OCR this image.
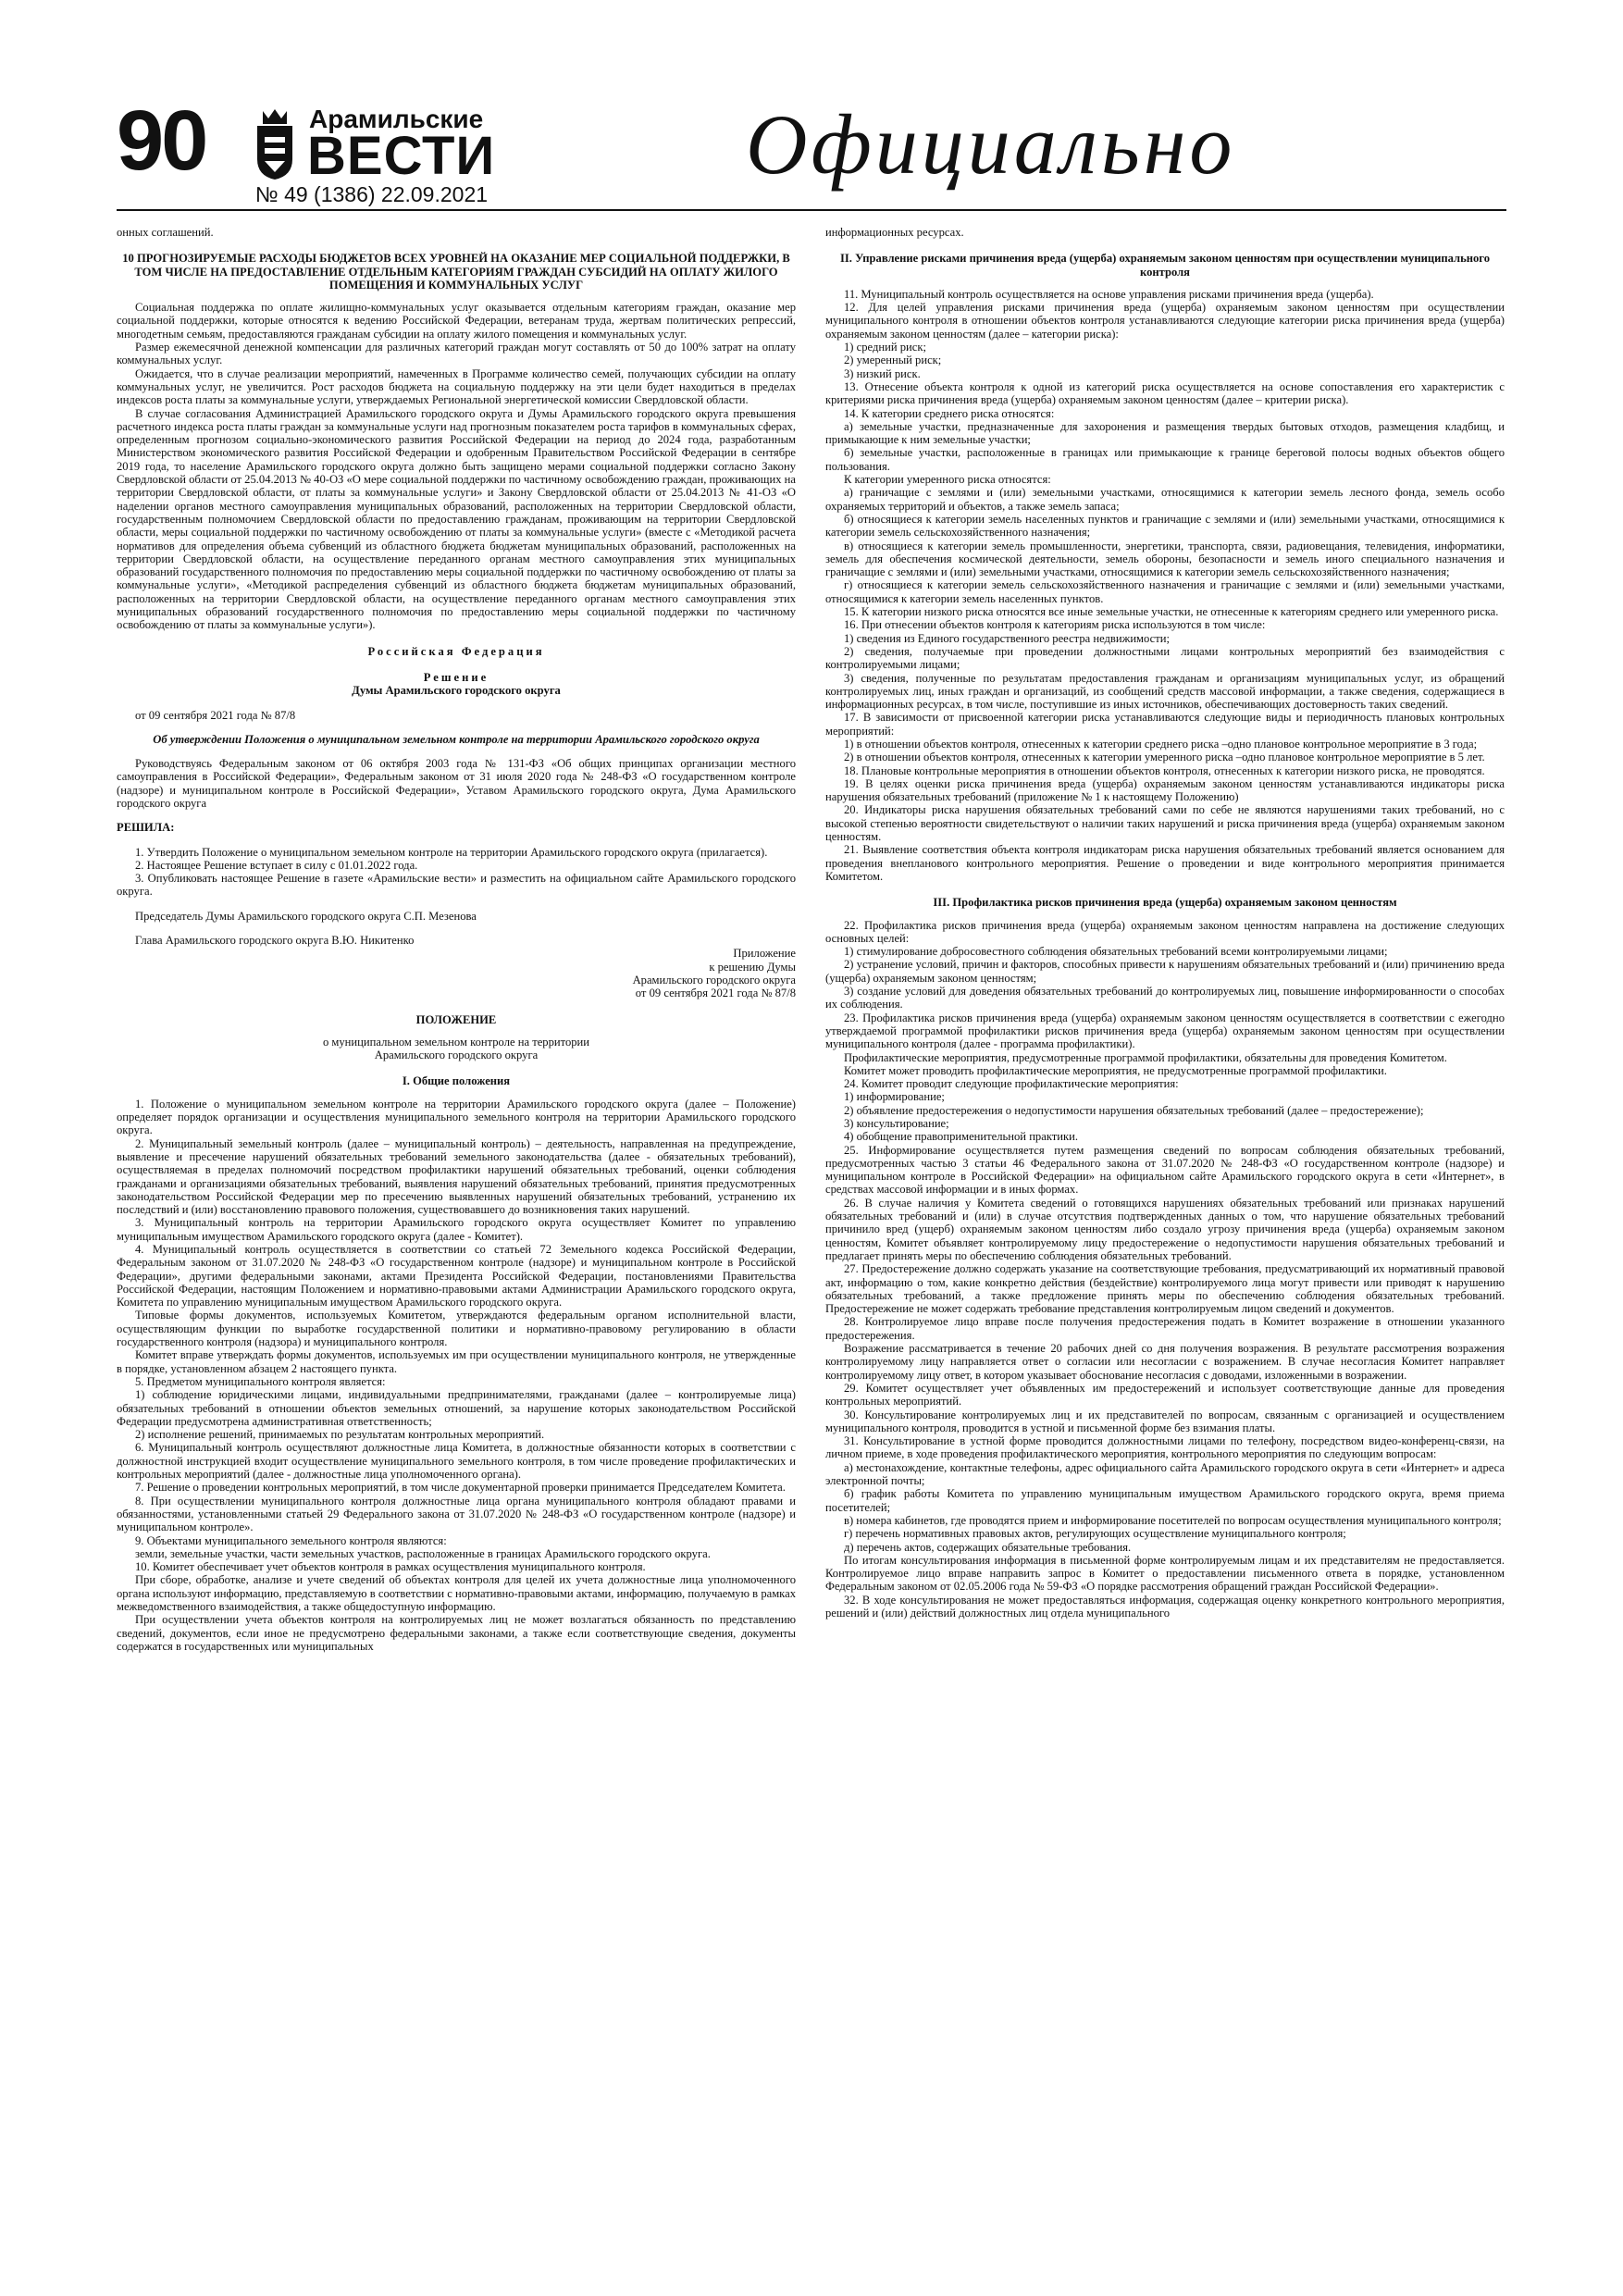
90	Арамильские
ВЕСТИ
№ 49 (1386) 22.09.2021
Официально

онных соглашений.

10 ПРОГНОЗИРУЕМЫЕ РАСХОДЫ БЮДЖЕТОВ ВСЕХ УРОВНЕЙ НА ОКАЗАНИЕ МЕР СОЦИАЛЬНОЙ ПОДДЕРЖКИ, В ТОМ ЧИСЛЕ НА ПРЕДОСТАВЛЕНИЕ ОТДЕЛЬНЫМ КАТЕГОРИЯМ ГРАЖДАН СУБСИДИЙ НА ОПЛАТУ ЖИЛОГО ПОМЕЩЕНИЯ И КОММУНАЛЬНЫХ УСЛУГ

Социальная поддержка по оплате жилищно-коммунальных услуг оказывается отдельным категориям граждан, оказание мер социальной поддержки, которые относятся к ведению Российской Федерации, ветеранам труда, жертвам политических репрессий, многодетным семьям, предоставляются гражданам субсидии на оплату жилого помещения и коммунальных услуг.

Размер ежемесячной денежной компенсации для различных категорий граждан могут составлять от 50 до 100% затрат на оплату коммунальных услуг.

Ожидается, что в случае реализации мероприятий, намеченных в Программе количество семей, получающих субсидии на оплату коммунальных услуг, не увеличится. Рост расходов бюджета на социальную поддержку на эти цели будет находиться в пределах индексов роста платы за коммунальные услуги, утверждаемых Региональной энергетической комиссии Свердловской области.

В случае согласования Администрацией Арамильского городского округа и Думы Арамильского городского округа превышения расчетного индекса роста платы граждан за коммунальные услуги над прогнозным показателем роста тарифов в коммунальных сферах, определенным прогнозом социально-экономического развития Российской Федерации на период до 2024 года, разработанным Министерством экономического развития Российской Федерации и одобренным Правительством Российской Федерации в сентябре 2019 года, то население Арамильского городского округа должно быть защищено мерами социальной поддержки согласно Закону Свердловской области от 25.04.2013 № 40-ОЗ «О мере социальной поддержки по частичному освобождению граждан, проживающих на территории Свердловской области, от платы за коммунальные услуги» и Закону Свердловской области от 25.04.2013 № 41-ОЗ «О наделении органов местного самоуправления муниципальных образований, расположенных на территории Свердловской области, государственным полномочием Свердловской области по предоставлению гражданам, проживающим на территории Свердловской области, меры социальной поддержки по частичному освобождению от платы за коммунальные услуги» (вместе с «Методикой расчета нормативов для определения объема субвенций из областного бюджета бюджетам муниципальных образований, расположенных на территории Свердловской области, на осуществление переданного органам местного самоуправления этих муниципальных образований государственного полномочия по предоставлению меры социальной поддержки по частичному освобождению от платы за коммунальные услуги», «Методикой распределения субвенций из областного бюджета бюджетам муниципальных образований, расположенных на территории Свердловской области, на осуществление переданного органам местного самоуправления этих муниципальных образований государственного полномочия по предоставлению меры социальной поддержки по частичному освобождению от платы за коммунальные услуги»).

Российская Федерация

Решение

Думы Арамильского городского округа

от 09 сентября 2021 года № 87/8

Об утверждении Положения о муниципальном земельном контроле на территории Арамильского городского округа

Руководствуясь Федеральным законом от 06 октября 2003 года № 131-ФЗ «Об общих принципах организации местного самоуправления в Российской Федерации», Федеральным законом от 31 июля 2020 года № 248-ФЗ «О государственном контроле (надзоре) и муниципальном контроле в Российской Федерации», Уставом Арамильского городского округа, Дума Арамильского городского округа

РЕШИЛА:

1. Утвердить Положение о муниципальном земельном контроле на территории Арамильского городского округа (прилагается).

2. Настоящее Решение вступает в силу с 01.01.2022 года.

3. Опубликовать настоящее Решение в газете «Арамильские вести» и разместить на официальном сайте Арамильского городского округа.

Председатель Думы Арамильского городского округа С.П. Мезенова

Глава Арамильского городского округа В.Ю. Никитенко

Приложение

к решению Думы

Арамильского городского округа

от 09 сентября 2021 года № 87/8

ПОЛОЖЕНИЕ

о муниципальном земельном контроле на территории

Арамильского городского округа

I. Общие положения

1. Положение о муниципальном земельном контроле на территории Арамильского городского округа (далее – Положение) определяет порядок организации и осуществления муниципального земельного контроля на территории Арамильского городского округа.

2. Муниципальный земельный контроль (далее – муниципальный контроль) – деятельность, направленная на предупреждение, выявление и пресечение нарушений обязательных требований земельного законодательства (далее - обязательных требований), осуществляемая в пределах полномочий посредством профилактики нарушений обязательных требований, оценки соблюдения гражданами и организациями обязательных требований, выявления нарушений обязательных требований, принятия предусмотренных законодательством Российской Федерации мер по пресечению выявленных нарушений обязательных требований, устранению их последствий и (или) восстановлению правового положения, существовавшего до возникновения таких нарушений.

3. Муниципальный контроль на территории Арамильского городского округа осуществляет Комитет по управлению муниципальным имуществом Арамильского городского округа (далее - Комитет).

4. Муниципальный контроль осуществляется в соответствии со статьей 72 Земельного кодекса Российской Федерации, Федеральным законом от 31.07.2020 № 248-ФЗ «О государственном контроле (надзоре) и муниципальном контроле в Российской Федерации», другими федеральными законами, актами Президента Российской Федерации, постановлениями Правительства Российской Федерации, настоящим Положением и нормативно-правовыми актами Администрации Арамильского городского округа, Комитета по управлению муниципальным имуществом Арамильского городского округа.

Типовые формы документов, используемых Комитетом, утверждаются федеральным органом исполнительной власти, осуществляющим функции по выработке государственной политики и нормативно-правовому регулированию в области государственного контроля (надзора) и муниципального контроля.

Комитет вправе утверждать формы документов, используемых им при осуществлении муниципального контроля, не утвержденные в порядке, установленном абзацем 2 настоящего пункта.

5. Предметом муниципального контроля является:

1) соблюдение юридическими лицами, индивидуальными предпринимателями, гражданами (далее – контролируемые лица) обязательных требований в отношении объектов земельных отношений, за нарушение которых законодательством Российской Федерации предусмотрена административная ответственность;

2) исполнение решений, принимаемых по результатам контрольных мероприятий.

6. Муниципальный контроль осуществляют должностные лица Комитета, в должностные обязанности которых в соответствии с должностной инструкцией входит осуществление муниципального земельного контроля, в том числе проведение профилактических и контрольных мероприятий (далее - должностные лица уполномоченного органа).

7. Решение о проведении контрольных мероприятий, в том числе документарной проверки принимается Председателем Комитета.

8. При осуществлении муниципального контроля должностные лица органа муниципального контроля обладают правами и обязанностями, установленными статьей 29 Федерального закона от 31.07.2020 № 248-ФЗ «О государственном контроле (надзоре) и муниципальном контроле».

9. Объектами муниципального земельного контроля являются:

земли, земельные участки, части земельных участков, расположенные в границах Арамильского городского округа.

10. Комитет обеспечивает учет объектов контроля в рамках осуществления муниципального контроля.

При сборе, обработке, анализе и учете сведений об объектах контроля для целей их учета должностные лица уполномоченного органа используют информацию, представляемую в соответствии с нормативно-правовыми актами, информацию, получаемую в рамках межведомственного взаимодействия, а также общедоступную информацию.

При осуществлении учета объектов контроля на контролируемых лиц не может возлагаться обязанность по представлению сведений, документов, если иное не предусмотрено федеральными законами, а также если соответствующие сведения, документы содержатся в государственных или муниципальных

информационных ресурсах.

II. Управление рисками причинения вреда (ущерба) охраняемым законом ценностям при осуществлении муниципального контроля

11. Муниципальный контроль осуществляется на основе управления рисками причинения вреда (ущерба).

12. Для целей управления рисками причинения вреда (ущерба) охраняемым законом ценностям при осуществлении муниципального контроля в отношении объектов контроля устанавливаются следующие категории риска причинения вреда (ущерба) охраняемым законом ценностям (далее – категории риска):

1) средний риск;

2) умеренный риск;

3) низкий риск.

13. Отнесение объекта контроля к одной из категорий риска осуществляется на основе сопоставления его характеристик с критериями риска причинения вреда (ущерба) охраняемым законом ценностям (далее – критерии риска).

14. К категории среднего риска относятся:

а) земельные участки, предназначенные для захоронения и размещения твердых бытовых отходов, размещения кладбищ, и примыкающие к ним земельные участки;

б) земельные участки, расположенные в границах или примыкающие к границе береговой полосы водных объектов общего пользования.

К категории умеренного риска относятся:

а) граничащие с землями и (или) земельными участками, относящимися к категории земель лесного фонда, земель особо охраняемых территорий и объектов, а также земель запаса;

б) относящиеся к категории земель населенных пунктов и граничащие с землями и (или) земельными участками, относящимися к категории земель сельскохозяйственного назначения;

в) относящиеся к категории земель промышленности, энергетики, транспорта, связи, радиовещания, телевидения, информатики, земель для обеспечения космической деятельности, земель обороны, безопасности и земель иного специального назначения и граничащие с землями и (или) земельными участками, относящимися к категории земель сельскохозяйственного назначения;

г) относящиеся к категории земель сельскохозяйственного назначения и граничащие с землями и (или) земельными участками, относящимися к категории земель населенных пунктов.

15. К категории низкого риска относятся все иные земельные участки, не отнесенные к категориям среднего или умеренного риска.

16. При отнесении объектов контроля к категориям риска используются в том числе:

1) сведения из Единого государственного реестра недвижимости;

2) сведения, получаемые при проведении должностными лицами контрольных мероприятий без взаимодействия с контролируемыми лицами;

3) сведения, полученные по результатам предоставления гражданам и организациям муниципальных услуг, из обращений контролируемых лиц, иных граждан и организаций, из сообщений средств массовой информации, а также сведения, содержащиеся в информационных ресурсах, в том числе, поступившие из иных источников, обеспечивающих достоверность таких сведений.

17. В зависимости от присвоенной категории риска устанавливаются следующие виды и периодичность плановых контрольных мероприятий:

1) в отношении объектов контроля, отнесенных к категории среднего риска –одно плановое контрольное мероприятие в 3 года;

2) в отношении объектов контроля, отнесенных к категории умеренного риска –одно плановое контрольное мероприятие в 5 лет.

18. Плановые контрольные мероприятия в отношении объектов контроля, отнесенных к категории низкого риска, не проводятся.

19. В целях оценки риска причинения вреда (ущерба) охраняемым законом ценностям устанавливаются индикаторы риска нарушения обязательных требований (приложение № 1 к настоящему Положению)

20. Индикаторы риска нарушения обязательных требований сами по себе не являются нарушениями таких требований, но с высокой степенью вероятности свидетельствуют о наличии таких нарушений и риска причинения вреда (ущерба) охраняемым законом ценностям.

21. Выявление соответствия объекта контроля индикаторам риска нарушения обязательных требований является основанием для проведения внепланового контрольного мероприятия. Решение о проведении и виде контрольного мероприятия принимается Комитетом.

III. Профилактика рисков причинения вреда (ущерба) охраняемым законом ценностям

22. Профилактика рисков причинения вреда (ущерба) охраняемым законом ценностям направлена на достижение следующих основных целей:

1) стимулирование добросовестного соблюдения обязательных требований всеми контролируемыми лицами;

2) устранение условий, причин и факторов, способных привести к нарушениям обязательных требований и (или) причинению вреда (ущерба) охраняемым законом ценностям;

3) создание условий для доведения обязательных требований до контролируемых лиц, повышение информированности о способах их соблюдения.

23. Профилактика рисков причинения вреда (ущерба) охраняемым законом ценностям осуществляется в соответствии с ежегодно утверждаемой программой профилактики рисков причинения вреда (ущерба) охраняемым законом ценностям при осуществлении муниципального контроля (далее - программа профилактики).

Профилактические мероприятия, предусмотренные программой профилактики, обязательны для проведения Комитетом.

Комитет может проводить профилактические мероприятия, не предусмотренные программой профилактики.

24. Комитет проводит следующие профилактические мероприятия:

1) информирование;

2) объявление предостережения о недопустимости нарушения обязательных требований (далее – предостережение);

3) консультирование;

4) обобщение правоприменительной практики.

25. Информирование осуществляется путем размещения сведений по вопросам соблюдения обязательных требований, предусмотренных частью 3 статьи 46 Федерального закона от 31.07.2020 № 248-ФЗ «О государственном контроле (надзоре) и муниципальном контроле в Российской Федерации» на официальном сайте Арамильского городского округа в сети «Интернет», в средствах массовой информации и в иных формах.

26. В случае наличия у Комитета сведений о готовящихся нарушениях обязательных требований или признаках нарушений обязательных требований и (или) в случае отсутствия подтвержденных данных о том, что нарушение обязательных требований причинило вред (ущерб) охраняемым законом ценностям либо создало угрозу причинения вреда (ущерба) охраняемым законом ценностям, Комитет объявляет контролируемому лицу предостережение о недопустимости нарушения обязательных требований и предлагает принять меры по обеспечению соблюдения обязательных требований.

27. Предостережение должно содержать указание на соответствующие требования, предусматривающий их нормативный правовой акт, информацию о том, какие конкретно действия (бездействие) контролируемого лица могут привести или приводят к нарушению обязательных требований, а также предложение принять меры по обеспечению соблюдения обязательных требований. Предостережение не может содержать требование представления контролируемым лицом сведений и документов.

28. Контролируемое лицо вправе после получения предостережения подать в Комитет возражение в отношении указанного предостережения.

Возражение рассматривается в течение 20 рабочих дней со дня получения возражения. В результате рассмотрения возражения контролируемому лицу направляется ответ о согласии или несогласии с возражением. В случае несогласия Комитет направляет контролируемому лицу ответ, в котором указывает обоснование несогласия с доводами, изложенными в возражении.

29. Комитет осуществляет учет объявленных им предостережений и использует соответствующие данные для проведения контрольных мероприятий.

30. Консультирование контролируемых лиц и их представителей по вопросам, связанным с организацией и осуществлением муниципального контроля, проводится в устной и письменной форме без взимания платы.

31. Консультирование в устной форме проводится должностными лицами по телефону, посредством видео-конференц-связи, на личном приеме, в ходе проведения профилактического мероприятия, контрольного мероприятия по следующим вопросам:

а) местонахождение, контактные телефоны, адрес официального сайта Арамильского городского округа в сети «Интернет» и адреса электронной почты;

б) график работы Комитета по управлению муниципальным имуществом Арамильского городского округа, время приема посетителей;

в) номера кабинетов, где проводятся прием и информирование посетителей по вопросам осуществления муниципального контроля;

г) перечень нормативных правовых актов, регулирующих осуществление муниципального контроля;

д) перечень актов, содержащих обязательные требования.

По итогам консультирования информация в письменной форме контролируемым лицам и их представителям не предоставляется. Контролируемое лицо вправе направить запрос в Комитет о предоставлении письменного ответа в порядке, установленном Федеральным законом от 02.05.2006 года № 59-ФЗ «О порядке рассмотрения обращений граждан Российской Федерации».

32. В ходе консультирования не может предоставляться информация, содержащая оценку конкретного контрольного мероприятия, решений и (или) действий должностных лиц отдела муниципального
